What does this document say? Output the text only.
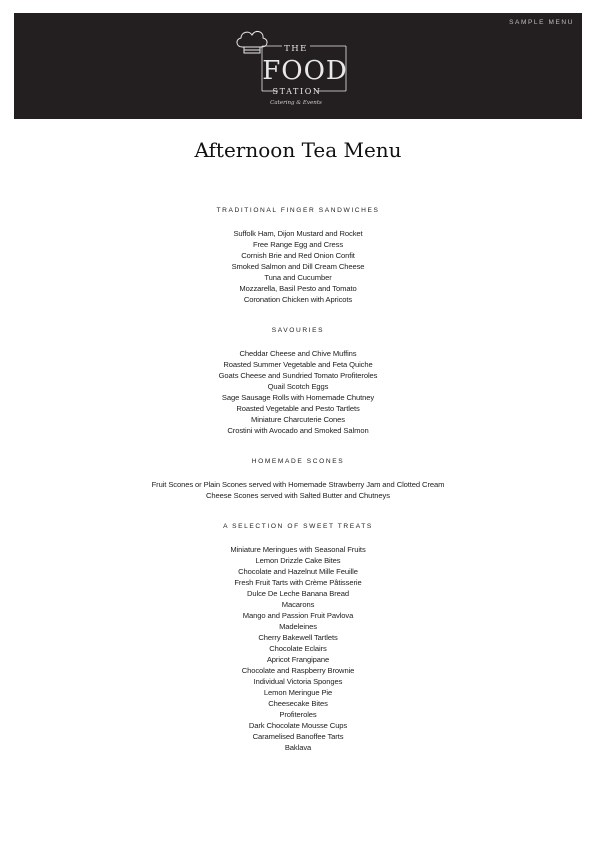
SAMPLE MENU
THE
FOOD
STATION
Catering & Events
Afternoon Tea Menu
TRADITIONAL FINGER SANDWICHES

Suffolk Ham, Dijon Mustard and Rocket

Free Range Egg and Cress

Cornish Brie and Red Onion Confit

Smoked Salmon and Dill Cream Cheese

Tuna and Cucumber

Mozzarella, Basil Pesto and Tomato

Coronation Chicken with Apricots

SAVOURIES

Cheddar Cheese and Chive Muffins

Roasted Summer Vegetable and Feta Quiche

Goats Cheese and Sundried Tomato Profiteroles

Quail Scotch Eggs

Sage Sausage Rolls with Homemade Chutney

Roasted Vegetable and Pesto Tartlets

Miniature Charcuterie Cones

Crostini with Avocado and Smoked Salmon

HOMEMADE SCONES

Fruit Scones or Plain Scones served with Homemade Strawberry Jam and Clotted Cream

Cheese Scones served with Salted Butter and Chutneys

A SELECTION OF SWEET TREATS

Miniature Meringues with Seasonal Fruits

Lemon Drizzle Cake Bites

Chocolate and Hazelnut Mille Feuille

Fresh Fruit Tarts with Crème Pâtisserie

Dulce De Leche Banana Bread

Macarons

Mango and Passion Fruit Pavlova

Madeleines

Cherry Bakewell Tartlets

Chocolate Eclairs

Apricot Frangipane

Chocolate and Raspberry Brownie

Individual Victoria Sponges

Lemon Meringue Pie

Cheesecake Bites

Profiteroles

Dark Chocolate Mousse Cups

Caramelised Banoffee Tarts

Baklava
